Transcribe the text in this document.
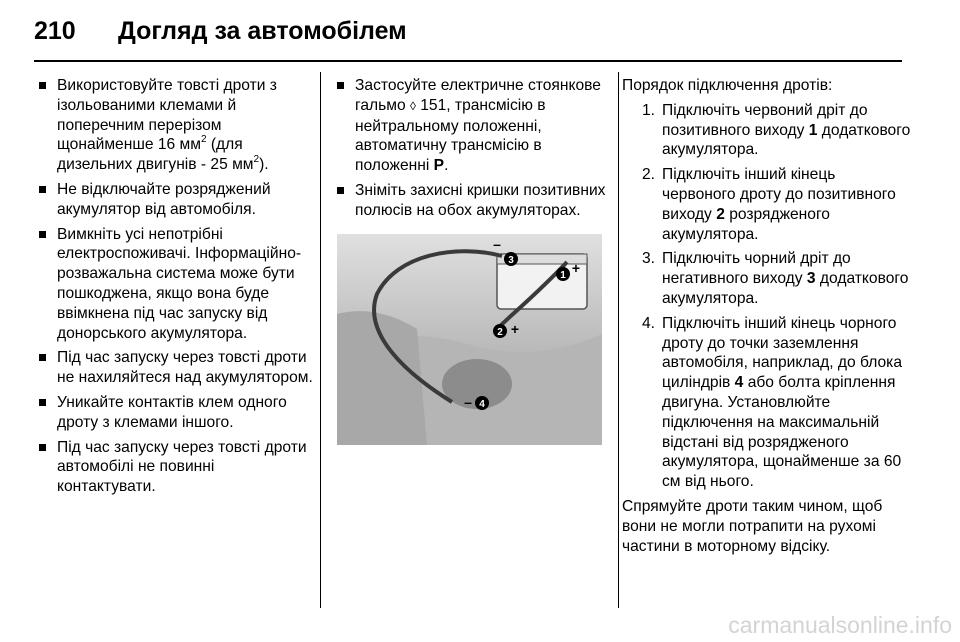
210	Догляд за автомобілем
Використовуйте товсті дроти з ізольованими клемами й поперечним перерізом щонайменше 16 $мм^2$ (для дизельних двигунів - 25 $мм^2$).
Не відключайте розряджений акумулятор від автомобіля.
Вимкніть усі непотрібні електроспоживачі. Інформаційно-розважальна система може бути пошкоджена, якщо вона буде ввімкнена під час запуску від донорського акумулятора.
Під час запуску через товсті дроти не нахиляйтеся над акумулятором.
Уникайте контактів клем одного дроту з клемами іншого.
Під час запуску через товсті дроти автомобілі не повинні контактувати.
Застосуйте електричне стоянкове гальмо ◊ 151, трансмісію в нейтральному положенні, автоматичну трансмісію в положенні P.
Зніміть захисні кришки позитивних полюсів на обох акумуляторах.
1 +
2 +
3
–
4
–

Порядок підключення дротів:

1. Підключіть червоний дріт до позитивного виходу 1 додаткового акумулятора.
2. Підключіть інший кінець червоного дроту до позитивного виходу 2 розрядженого акумулятора.
3. Підключіть чорний дріт до негативного виходу 3 додаткового акумулятора.
4. Підключіть інший кінець чорного дроту до точки заземлення автомобіля, наприклад, до блока циліндрів 4 або болта кріплення двигуна. Установлюйте підключення на максимальній відстані від розрядженого акумулятора, щонайменше за 60 см від нього.

Спрямуйте дроти таким чином, щоб вони не могли потрапити на рухомі частини в моторному відсіку.

carmanualsonline.info
